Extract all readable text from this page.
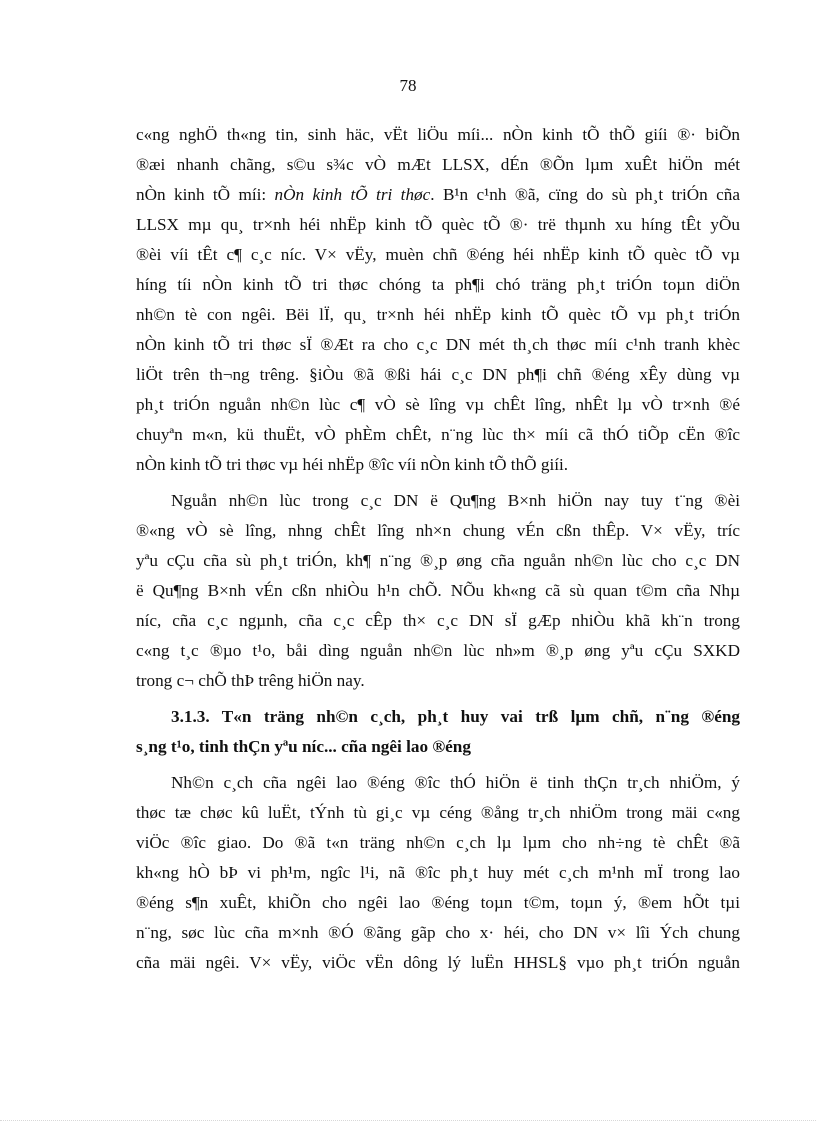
78

c«ng nghÖ th«ng tin, sinh häc, vËt liÖu míi... nÒn kinh tÕ thÕ giíi ®· biÕn

®æi nhanh chãng, s©u s¾c vÒ mÆt LLSX, dÉn ®Õn lµm xuÊt hiÖn mét

nÒn kinh tÕ míi: nÒn kinh tÕ tri thøc. B¹n c¹nh ®ã, cïng do sù ph¸t triÓn cña

LLSX mµ qu¸ tr×nh héi nhËp kinh tÕ quèc tÕ ®· trë thµnh xu híng tÊt yÕu

®èi víi tÊt c¶ c¸c níc. V× vËy, muèn chñ ®éng héi nhËp kinh tÕ quèc tÕ vµ

híng tíi nÒn kinh tÕ tri thøc chóng ta ph¶i chó träng ph¸t triÓn toµn diÖn

nh©n tè con ngêi. Bëi lÏ, qu¸ tr×nh héi nhËp kinh tÕ quèc tÕ vµ ph¸t triÓn

nÒn kinh tÕ tri thøc sÏ ®Æt ra cho c¸c DN mét th¸ch thøc míi c¹nh tranh khèc

liÖt trên th¬ng trêng. §iÒu ®ã ®ßi hái c¸c DN ph¶i chñ ®éng xÊy dùng vµ

ph¸t triÓn nguån nh©n lùc c¶ vÒ sè lîng vµ chÊt lîng, nhÊt lµ vÒ tr×nh ®é

chuyªn m«n, kü thuËt, vÒ phÈm chÊt, n¨ng lùc th× míi cã thÓ tiÕp cËn ®îc

nÒn kinh tÕ tri thøc vµ héi nhËp ®îc víi nÒn kinh tÕ thÕ giíi.

Nguån nh©n lùc trong c¸c DN ë Qu¶ng B×nh hiÖn nay tuy t¨ng ®èi

®«ng vÒ sè lîng, nhng chÊt lîng nh×n chung vÉn cßn thÊp. V× vËy, tríc

yªu cÇu cña sù ph¸t triÓn, kh¶ n¨ng ®¸p øng cña nguån nh©n lùc cho c¸c DN

ë Qu¶ng B×nh vÉn cßn nhiÒu h¹n chÕ. NÕu kh«ng cã sù quan t©m cña Nhµ

níc, cña c¸c ngµnh, cña c¸c cÊp th× c¸c DN sÏ gÆp nhiÒu khã kh¨n trong

c«ng t¸c ®µo t¹o, båi dìng nguån nh©n lùc nh»m ®¸p øng yªu cÇu SXKD

trong c¬ chÕ thÞ trêng hiÖn nay.

3.1.3. T«n träng nh©n c¸ch, ph¸t huy vai trß lµm chñ, n¨ng ®éng

s¸ng t¹o, tinh thÇn yªu níc... cña ngêi lao ®éng

Nh©n c¸ch cña ngêi lao ®éng ®îc thÓ hiÖn ë tinh thÇn tr¸ch nhiÖm, ý

thøc tæ chøc kû luËt, tÝnh tù gi¸c vµ céng ®ång tr¸ch nhiÖm trong mäi c«ng

viÖc ®îc giao. Do ®ã t«n träng nh©n c¸ch lµ lµm cho nh÷ng tè chÊt ®ã

kh«ng hÒ bÞ vi ph¹m, ngîc l¹i, nã ®îc ph¸t huy mét c¸ch m¹nh mÏ trong lao

®éng s¶n xuÊt, khiÕn cho ngêi lao ®éng toµn t©m, toµn ý, ®em hÕt tµi

n¨ng, søc lùc cña m×nh ®Ó ®ãng gãp cho x· héi, cho DN v× lîi Ých chung

cña mäi ngêi. V× vËy, viÖc vËn dông lý luËn HHSL§ vµo ph¸t triÓn nguån
